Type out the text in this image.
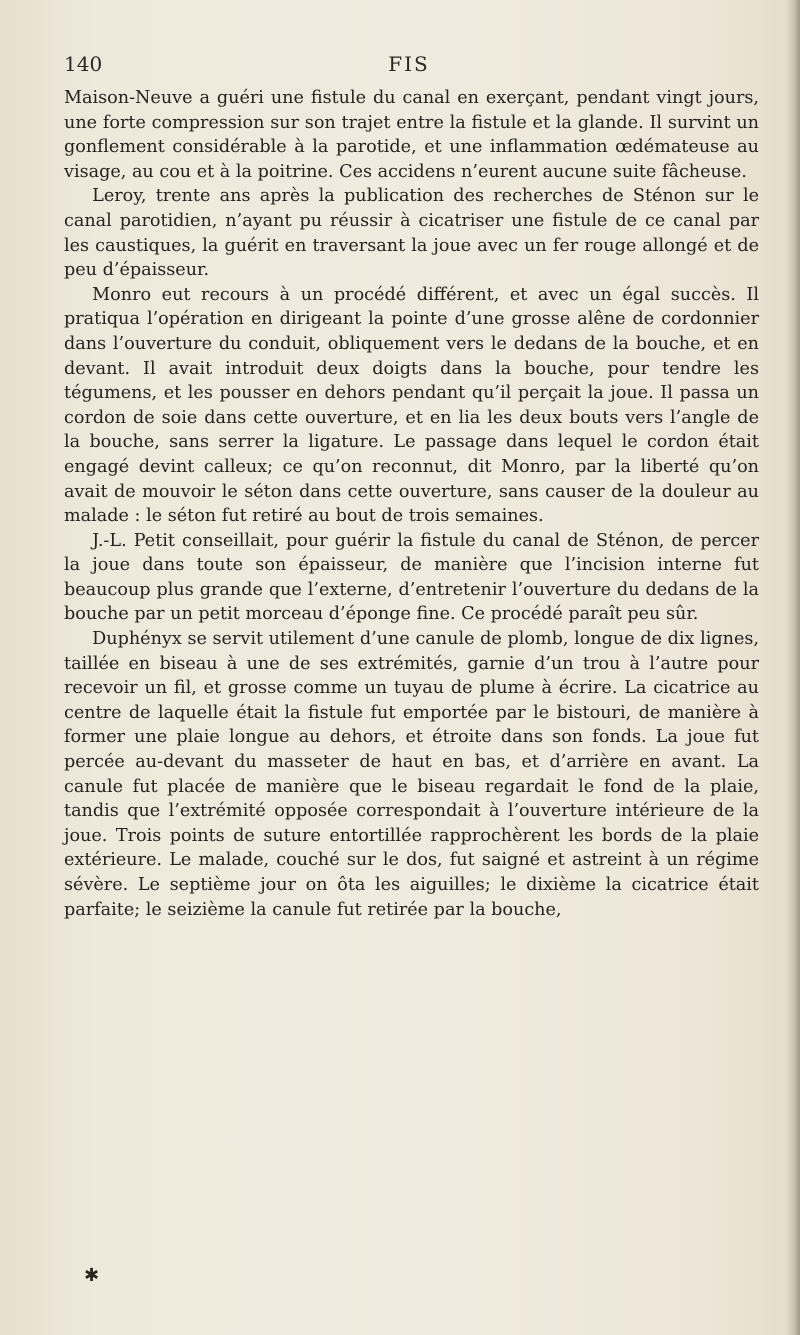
140	FIS

Maison-Neuve a guéri une fistule du canal en exerçant, pendant vingt jours, une forte compression sur son trajet entre la fistule et la glande. Il survint un gonflement considérable à la parotide, et une inflammation œdémateuse au visage, au cou et à la poitrine. Ces accidens n’eurent aucune suite fâcheuse.

Leroy, trente ans après la publication des recherches de Sténon sur le canal parotidien, n’ayant pu réussir à cicatriser une fistule de ce canal par les caustiques, la guérit en traversant la joue avec un fer rouge allongé et de peu d’épaisseur.

Monro eut recours à un procédé différent, et avec un égal succès. Il pratiqua l’opération en dirigeant la pointe d’une grosse alêne de cordonnier dans l’ouverture du conduit, obliquement vers le dedans de la bouche, et en devant. Il avait introduit deux doigts dans la bouche, pour tendre les tégumens, et les pousser en dehors pendant qu’il perçait la joue. Il passa un cordon de soie dans cette ouverture, et en lia les deux bouts vers l’angle de la bouche, sans serrer la ligature. Le passage dans lequel le cordon était engagé devint calleux; ce qu’on reconnut, dit Monro, par la liberté qu’on avait de mouvoir le séton dans cette ouverture, sans causer de la douleur au malade : le séton fut retiré au bout de trois semaines.

J.-L. Petit conseillait, pour guérir la fistule du canal de Sténon, de percer la joue dans toute son épaisseur, de manière que l’incision interne fut beaucoup plus grande que l’externe, d’entretenir l’ouverture du dedans de la bouche par un petit morceau d’éponge fine. Ce procédé paraît peu sûr.

Duphényx se servit utilement d’une canule de plomb, longue de dix lignes, taillée en biseau à une de ses extrémités, garnie d’un trou à l’autre pour recevoir un fil, et grosse comme un tuyau de plume à écrire. La cicatrice au centre de laquelle était la fistule fut emportée par le bistouri, de manière à former une plaie longue au dehors, et étroite dans son fonds. La joue fut percée au-devant du masseter de haut en bas, et d’arrière en avant. La canule fut placée de manière que le biseau regardait le fond de la plaie, tandis que l’extrémité opposée correspondait à l’ouverture intérieure de la joue. Trois points de suture entortillée rapprochèrent les bords de la plaie extérieure. Le malade, couché sur le dos, fut saigné et astreint à un régime sévère. Le septième jour on ôta les aiguilles; le dixième la cicatrice était parfaite; le seizième la canule fut retirée par la bouche,

✱
